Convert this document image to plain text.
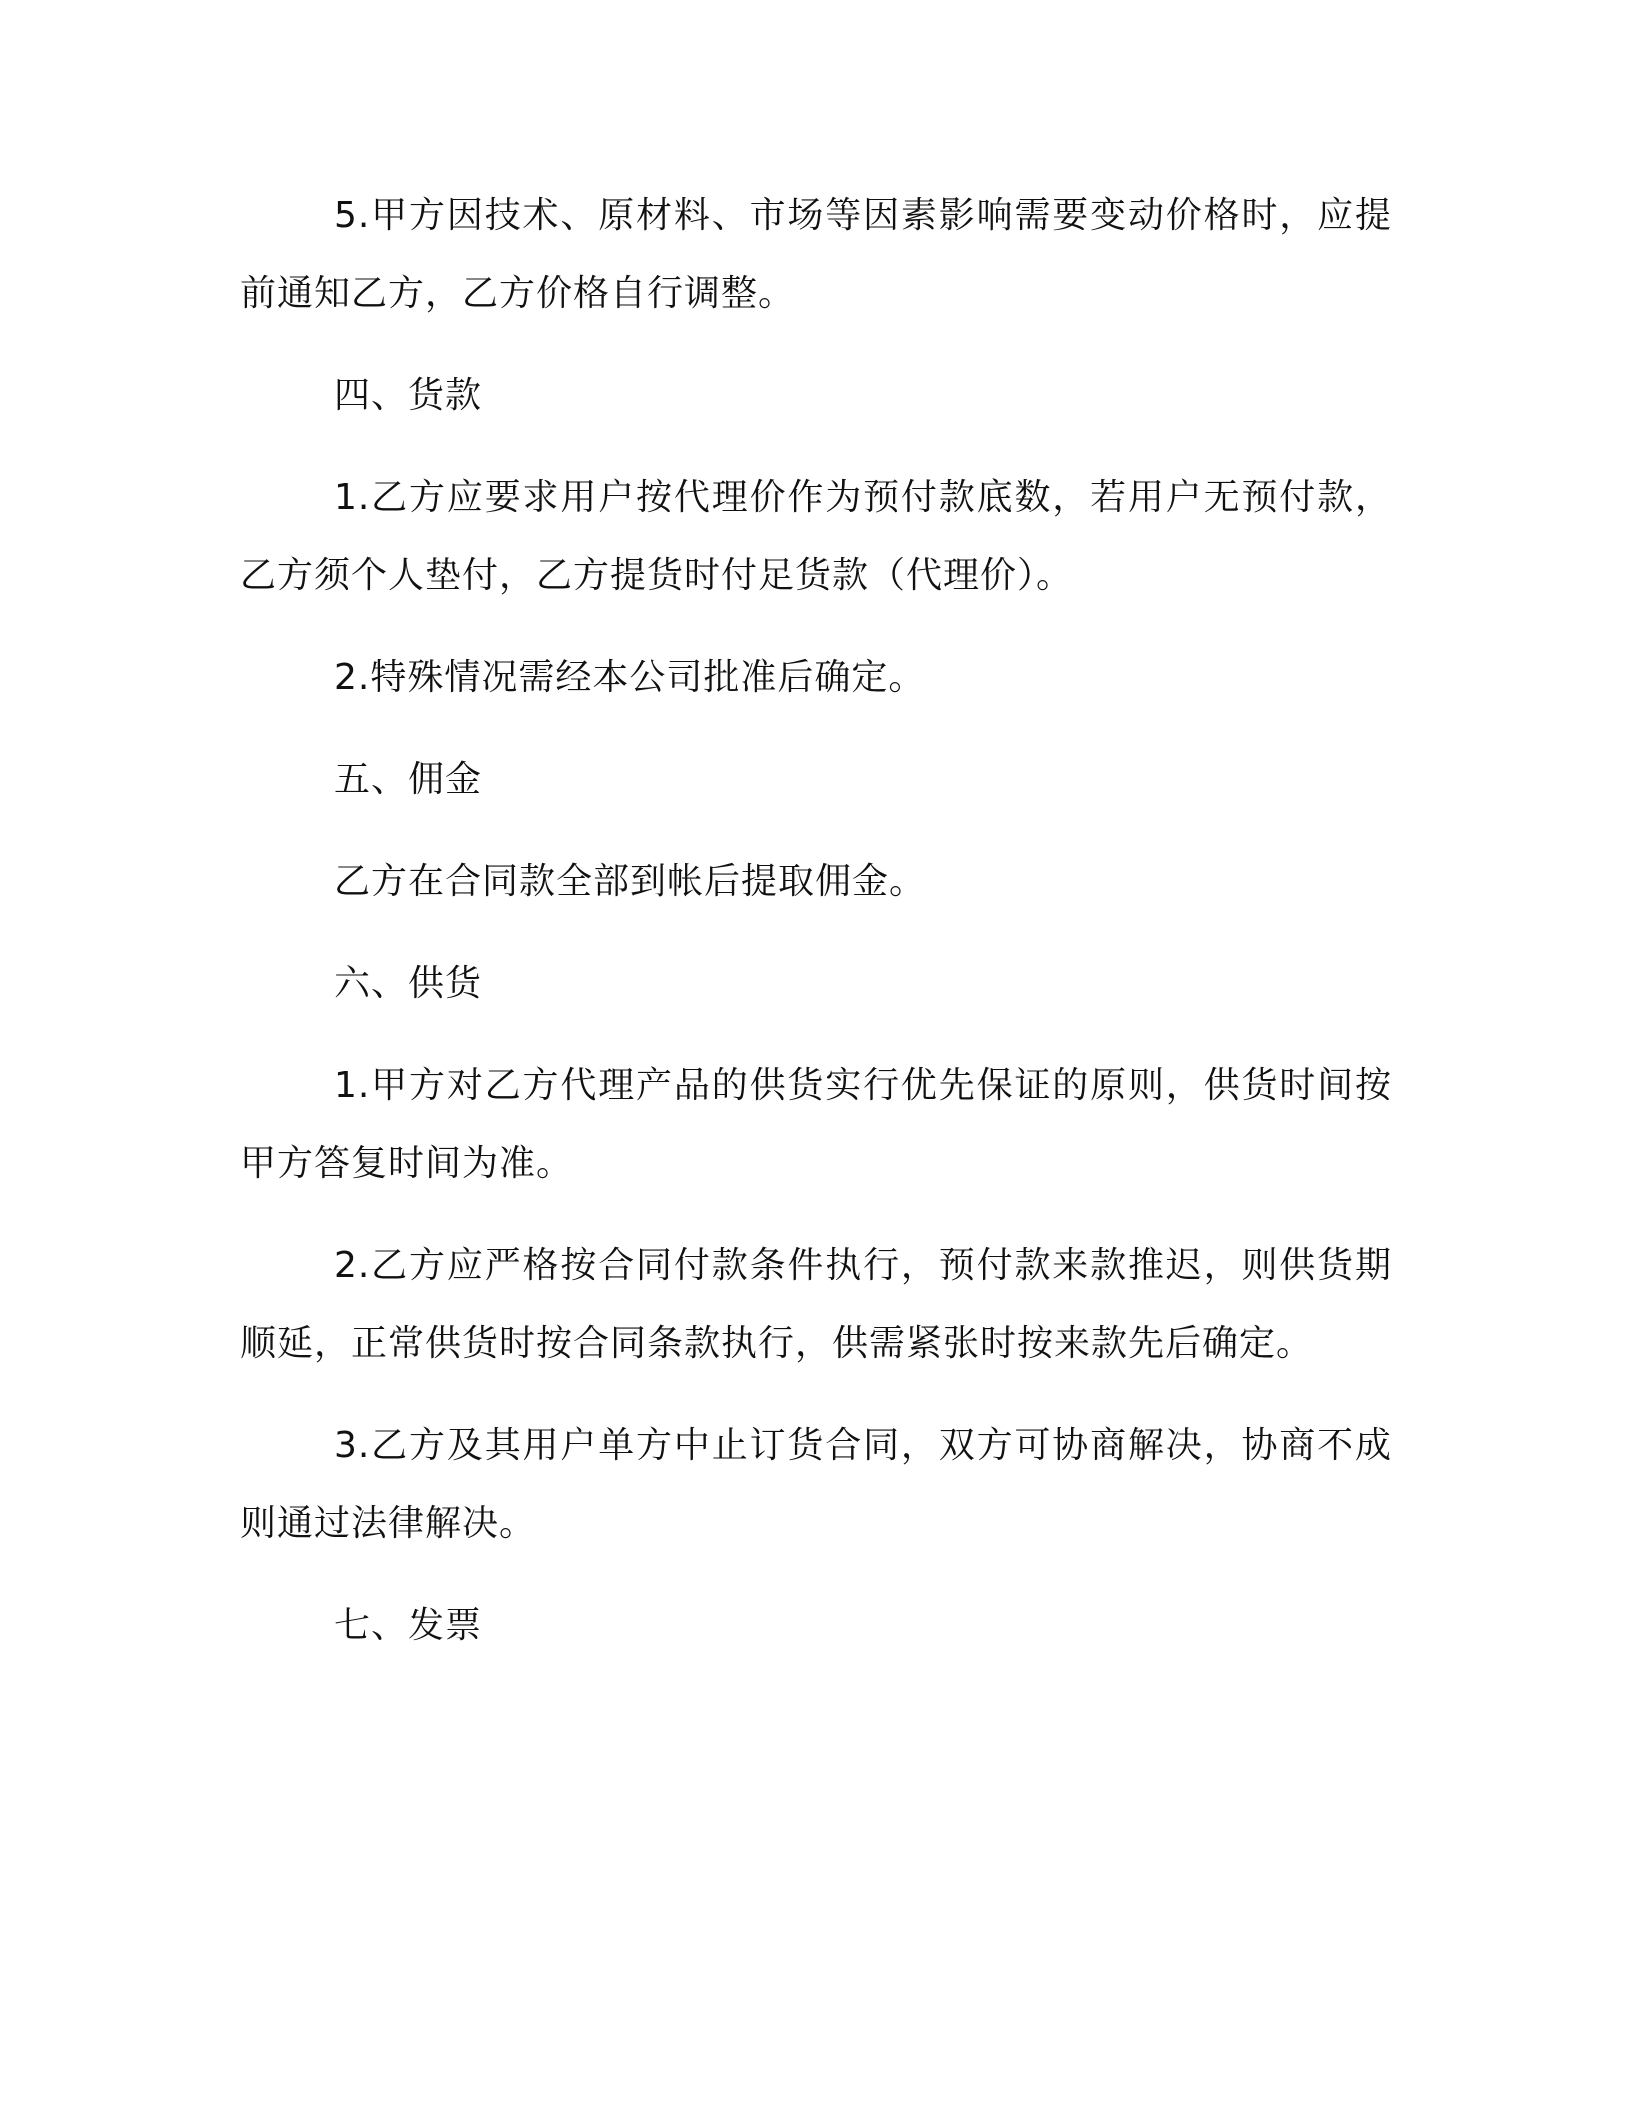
5.甲方因技术、原材料、市场等因素影响需要变动价格时，应提
前通知乙方，乙方价格自行调整。
四、货款
1.乙方应要求用户按代理价作为预付款底数，若用户无预付款，
乙方须个人垫付，乙方提货时付足货款（代理价）。
2.特殊情况需经本公司批准后确定。
五、佣金
乙方在合同款全部到帐后提取佣金。
六、供货
1.甲方对乙方代理产品的供货实行优先保证的原则，供货时间按
甲方答复时间为准。
2.乙方应严格按合同付款条件执行，预付款来款推迟，则供货期
顺延，正常供货时按合同条款执行，供需紧张时按来款先后确定。
3.乙方及其用户单方中止订货合同，双方可协商解决，协商不成
则通过法律解决。
七、发票
